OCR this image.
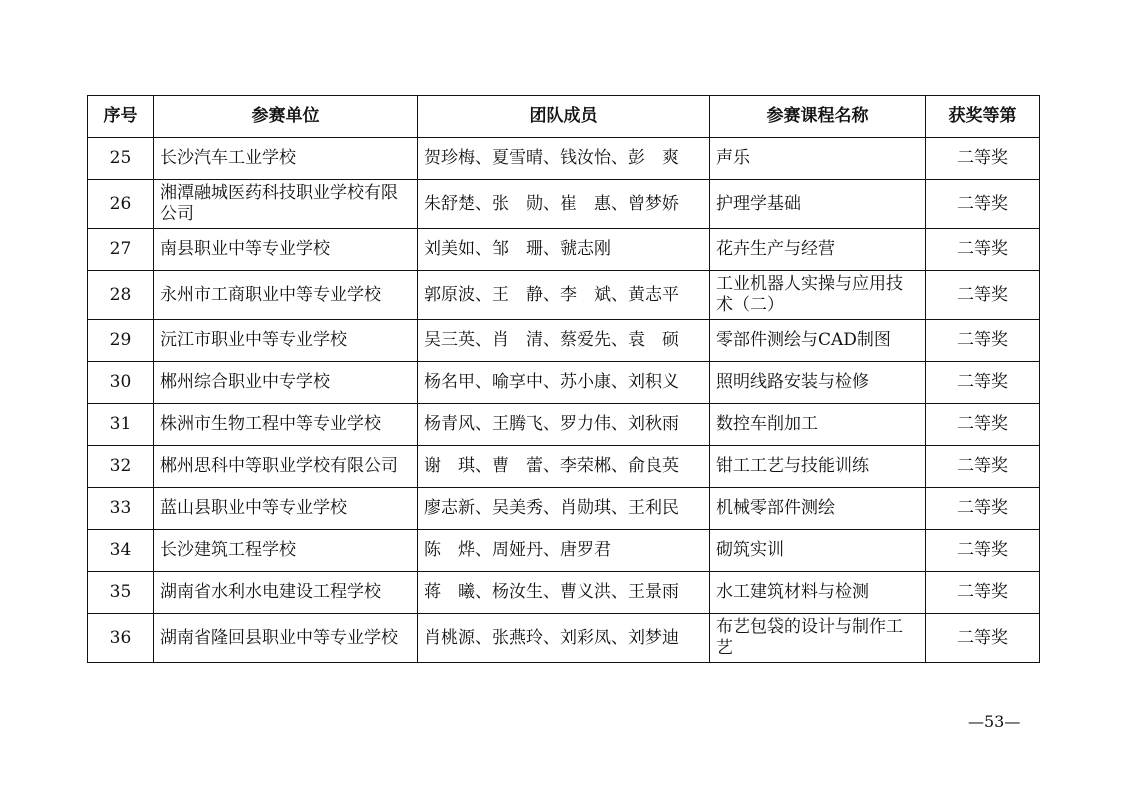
序号	参赛单位	团队成员	参赛课程名称	获奖等第
25	长沙汽车工业学校	贺珍梅、夏雪晴、钱汝怡、彭　爽	声乐	二等奖
26	湘潭融城医药科技职业学校有限公司	朱舒楚、张　勋、崔　惠、曾梦娇	护理学基础	二等奖
27	南县职业中等专业学校	刘美如、邹　珊、虢志刚	花卉生产与经营	二等奖
28	永州市工商职业中等专业学校	郭原波、王　静、李　斌、黄志平	工业机器人实操与应用技术（二）	二等奖
29	沅江市职业中等专业学校	吴三英、肖　清、蔡爱先、袁　硕	零部件测绘与CAD制图	二等奖
30	郴州综合职业中专学校	杨名甲、喻享中、苏小康、刘积义	照明线路安装与检修	二等奖
31	株洲市生物工程中等专业学校	杨青风、王腾飞、罗力伟、刘秋雨	数控车削加工	二等奖
32	郴州思科中等职业学校有限公司	谢　琪、曹　蕾、李荣郴、俞良英	钳工工艺与技能训练	二等奖
33	蓝山县职业中等专业学校	廖志新、吴美秀、肖勋琪、王利民	机械零部件测绘	二等奖
34	长沙建筑工程学校	陈　烨、周娅丹、唐罗君	砌筑实训	二等奖
35	湖南省水利水电建设工程学校	蒋　曦、杨汝生、曹义洪、王景雨	水工建筑材料与检测	二等奖
36	湖南省隆回县职业中等专业学校	肖桃源、张燕玲、刘彩凤、刘梦迪	布艺包袋的设计与制作工艺	二等奖
—53—
